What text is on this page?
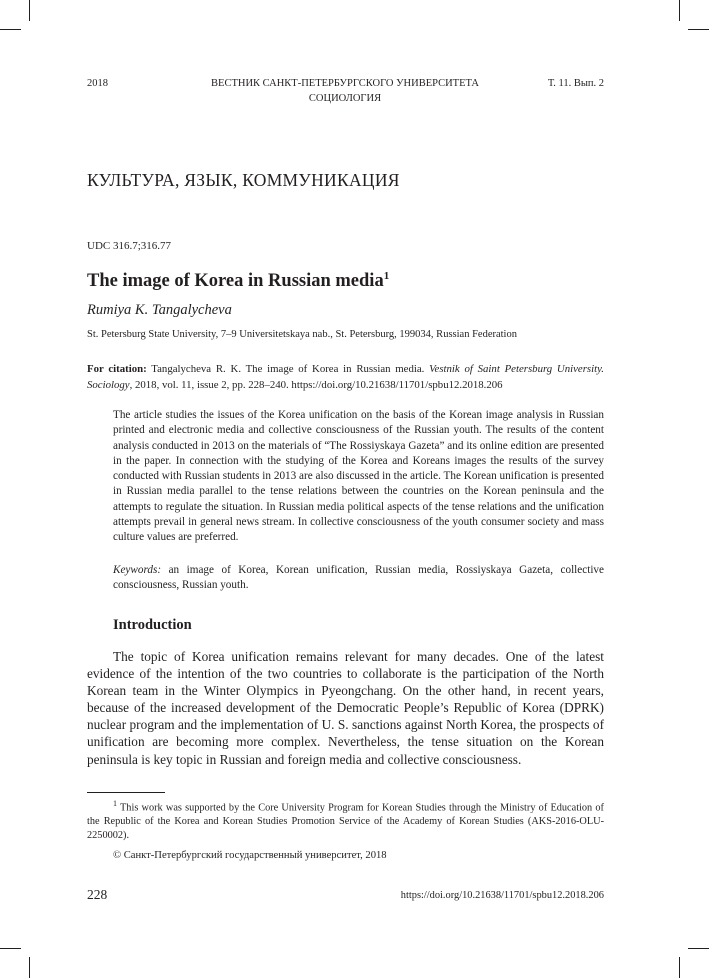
2018	ВЕСТНИК САНКТ-ПЕТЕРБУРГСКОГО УНИВЕРСИТЕТА
СОЦИОЛОГИЯ
Т. 11. Вып. 2
КУЛЬТУРА, ЯЗЫК, КОММУНИКАЦИЯ
UDC 316.7;316.77
The image of Korea in Russian media$^1$
Rumiya K. Tangalycheva
St. Petersburg State University, 7–9 Universitetskaya nab., St. Petersburg, 199034, Russian Federation
For citation: Tangalycheva R. K. The image of Korea in Russian media. Vestnik of Saint Petersburg University. Sociology, 2018, vol. 11, issue 2, pp. 228–240. https://doi.org/10.21638/11701/spbu12.2018.206

The article studies the issues of the Korea unification on the basis of the Korean image analysis in Russian printed and electronic media and collective consciousness of the Russian youth. The results of the content analysis conducted in 2013 on the materials of “The Rossiyskaya Gazeta” and its online edition are presented in the paper. In connection with the studying of the Korea and Koreans images the results of the survey conducted with Russian students in 2013 are also discussed in the article. The Korean unification is presented in Russian media parallel to the tense relations between the countries on the Korean peninsula and the attempts to regulate the situation. In Russian media political aspects of the tense relations and the unification attempts prevail in general news stream. In collective consciousness of the youth consumer society and mass culture values are preferred.

Keywords: an image of Korea, Korean unification, Russian media, Rossiyskaya Gazeta, collective consciousness, Russian youth.
Introduction
The topic of Korea unification remains relevant for many decades. One of the latest evidence of the intention of the two countries to collaborate is the participation of the North Korean team in the Winter Olympics in Pyeongchang. On the other hand, in recent years, because of the increased development of the Democratic People’s Republic of Korea (DPRK) nuclear program and the implementation of U. S. sanctions against North Korea, the prospects of unification are becoming more complex. Nevertheless, the tense situation on the Korean peninsula is key topic in Russian and foreign media and collective consciousness.
$^1$ This work was supported by the Core University Program for Korean Studies through the Ministry of Education of the Republic of the Korea and Korean Studies Promotion Service of the Academy of Korean Studies (AKS-2016-OLU-2250002).
© Санкт-Петербургский государственный университет, 2018
228	https://doi.org/10.21638/11701/spbu12.2018.206
